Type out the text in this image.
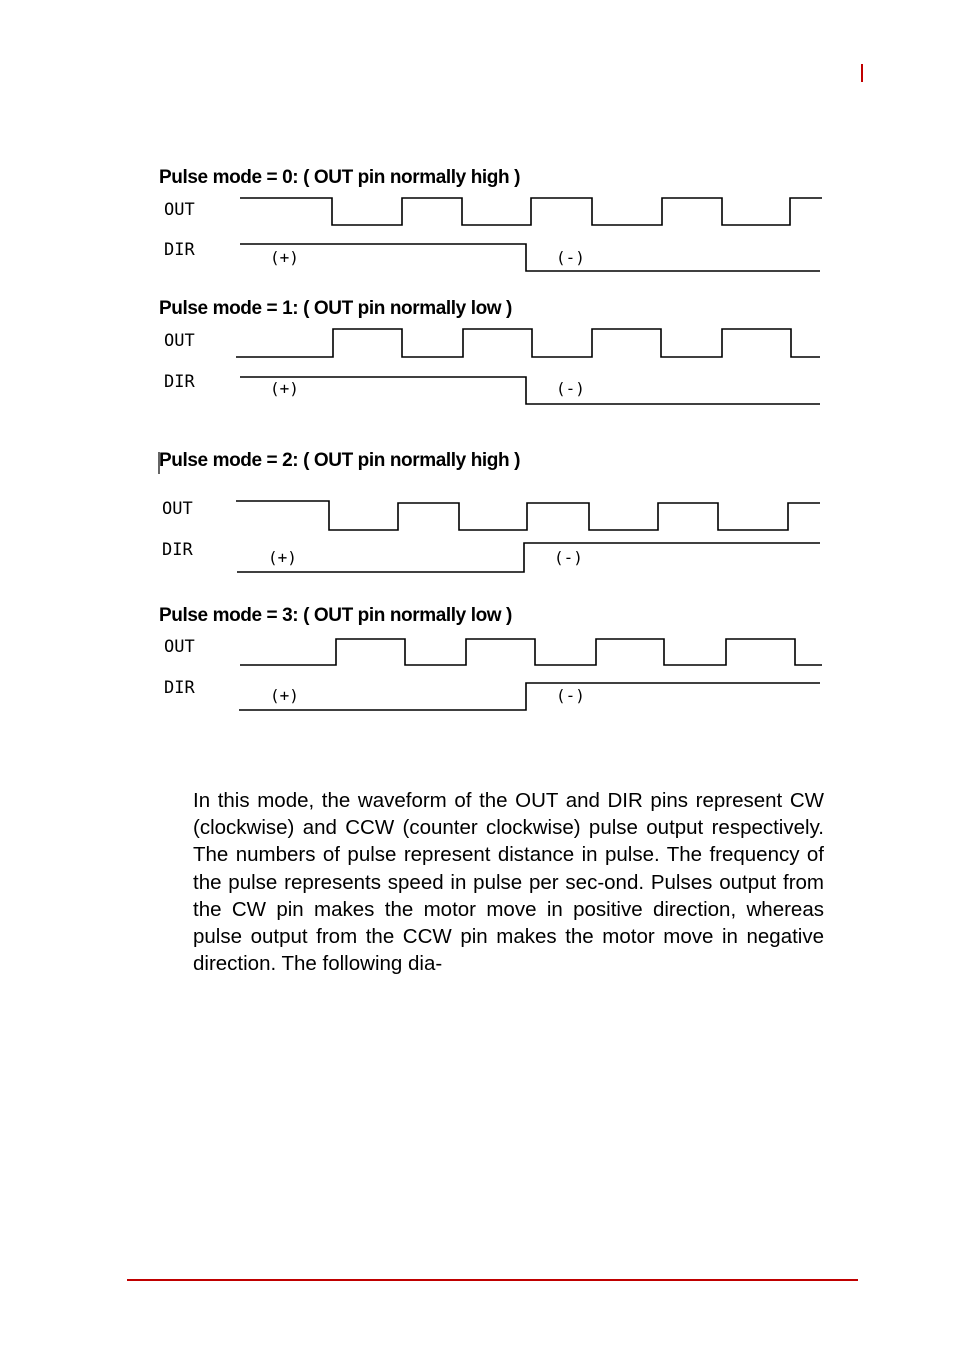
Pulse mode = 0: ( OUT pin normally high )
OUT
DIR	(+)	(-)
Pulse mode = 1: ( OUT pin normally low )
OUT
DIR	(+)	(-)
Pulse mode = 2: ( OUT pin normally high )
OUT
DIR	(+)	(-)
Pulse mode = 3: ( OUT pin normally low )
OUT
DIR	(+)	(-)

In this mode, the waveform of the OUT and DIR pins represent CW (clockwise) and CCW (counter clockwise) pulse output respectively. The numbers of pulse represent distance in pulse. The frequency of the pulse represents speed in pulse per sec-ond. Pulses output from the CW pin makes the motor move in positive direction, whereas pulse output from the CCW pin makes the motor move in negative direction. The following dia-
